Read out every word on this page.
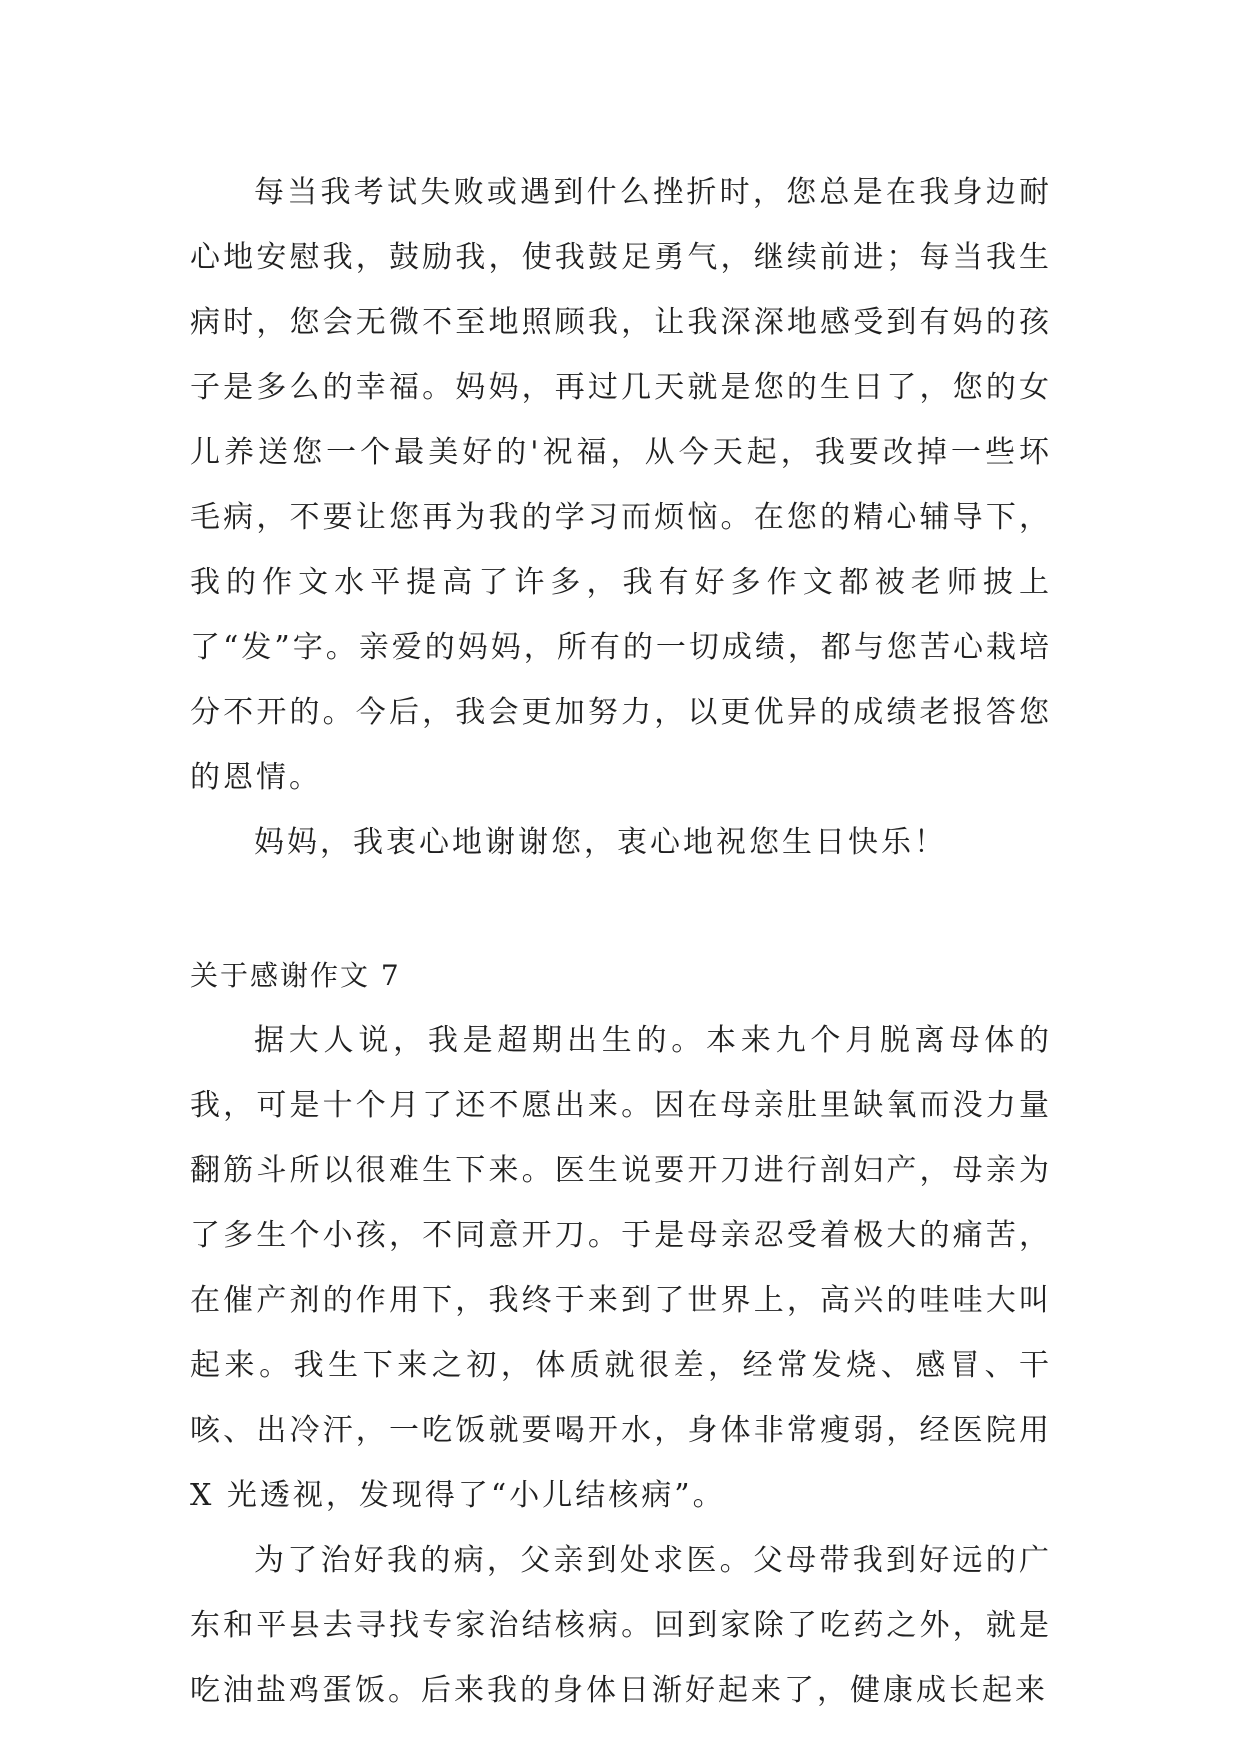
每当我考试失败或遇到什么挫折时，您总是在我身边耐心地安慰我，鼓励我，使我鼓足勇气，继续前进；每当我生病时，您会无微不至地照顾我，让我深深地感受到有妈的孩子是多么的幸福。妈妈，再过几天就是您的生日了，您的女儿养送您一个最美好的'祝福，从今天起，我要改掉一些坏毛病，不要让您再为我的学习而烦恼。在您的精心辅导下，我的作文水平提高了许多，我有好多作文都被老师披上了“发”字。亲爱的妈妈，所有的一切成绩，都与您苦心栽培分不开的。今后，我会更加努力，以更优异的成绩老报答您的恩情。

妈妈，我衷心地谢谢您，衷心地祝您生日快乐！

关于感谢作文 7

据大人说，我是超期出生的。本来九个月脱离母体的我，可是十个月了还不愿出来。因在母亲肚里缺氧而没力量翻筋斗所以很难生下来。医生说要开刀进行剖妇产，母亲为了多生个小孩，不同意开刀。于是母亲忍受着极大的痛苦，在催产剂的作用下，我终于来到了世界上，高兴的哇哇大叫起来。我生下来之初，体质就很差，经常发烧、感冒、干咳、出冷汗，一吃饭就要喝开水，身体非常瘦弱，经医院用 X 光透视，发现得了“小儿结核病”。

为了治好我的病，父亲到处求医。父母带我到好远的广东和平县去寻找专家治结核病。回到家除了吃药之外，就是吃油盐鸡蛋饭。后来我的身体日渐好起来了，健康成长起来
